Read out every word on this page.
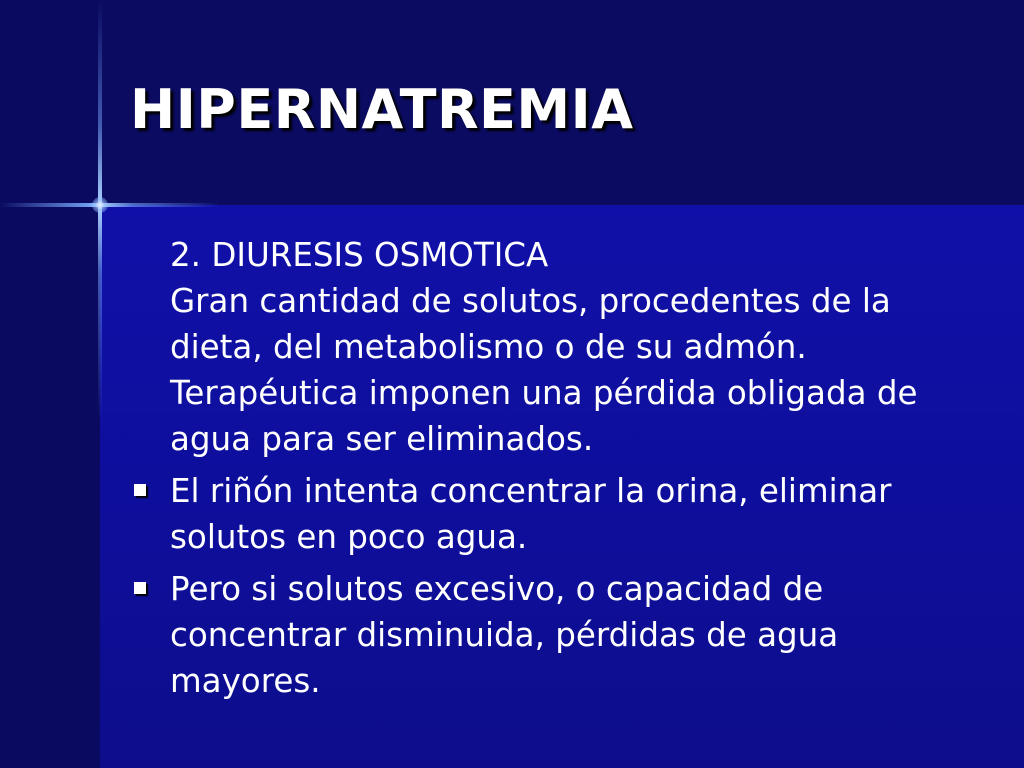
HIPERNATREMIA

2. DIURESIS OSMOTICA

Gran cantidad de solutos, procedentes de la dieta, del metabolismo o de su admón. Terapéutica imponen una pérdida obligada de agua para ser eliminados.

El riñón intenta concentrar la orina, eliminar solutos en poco agua.
Pero si solutos excesivo, o capacidad de concentrar disminuida, pérdidas de agua mayores.
